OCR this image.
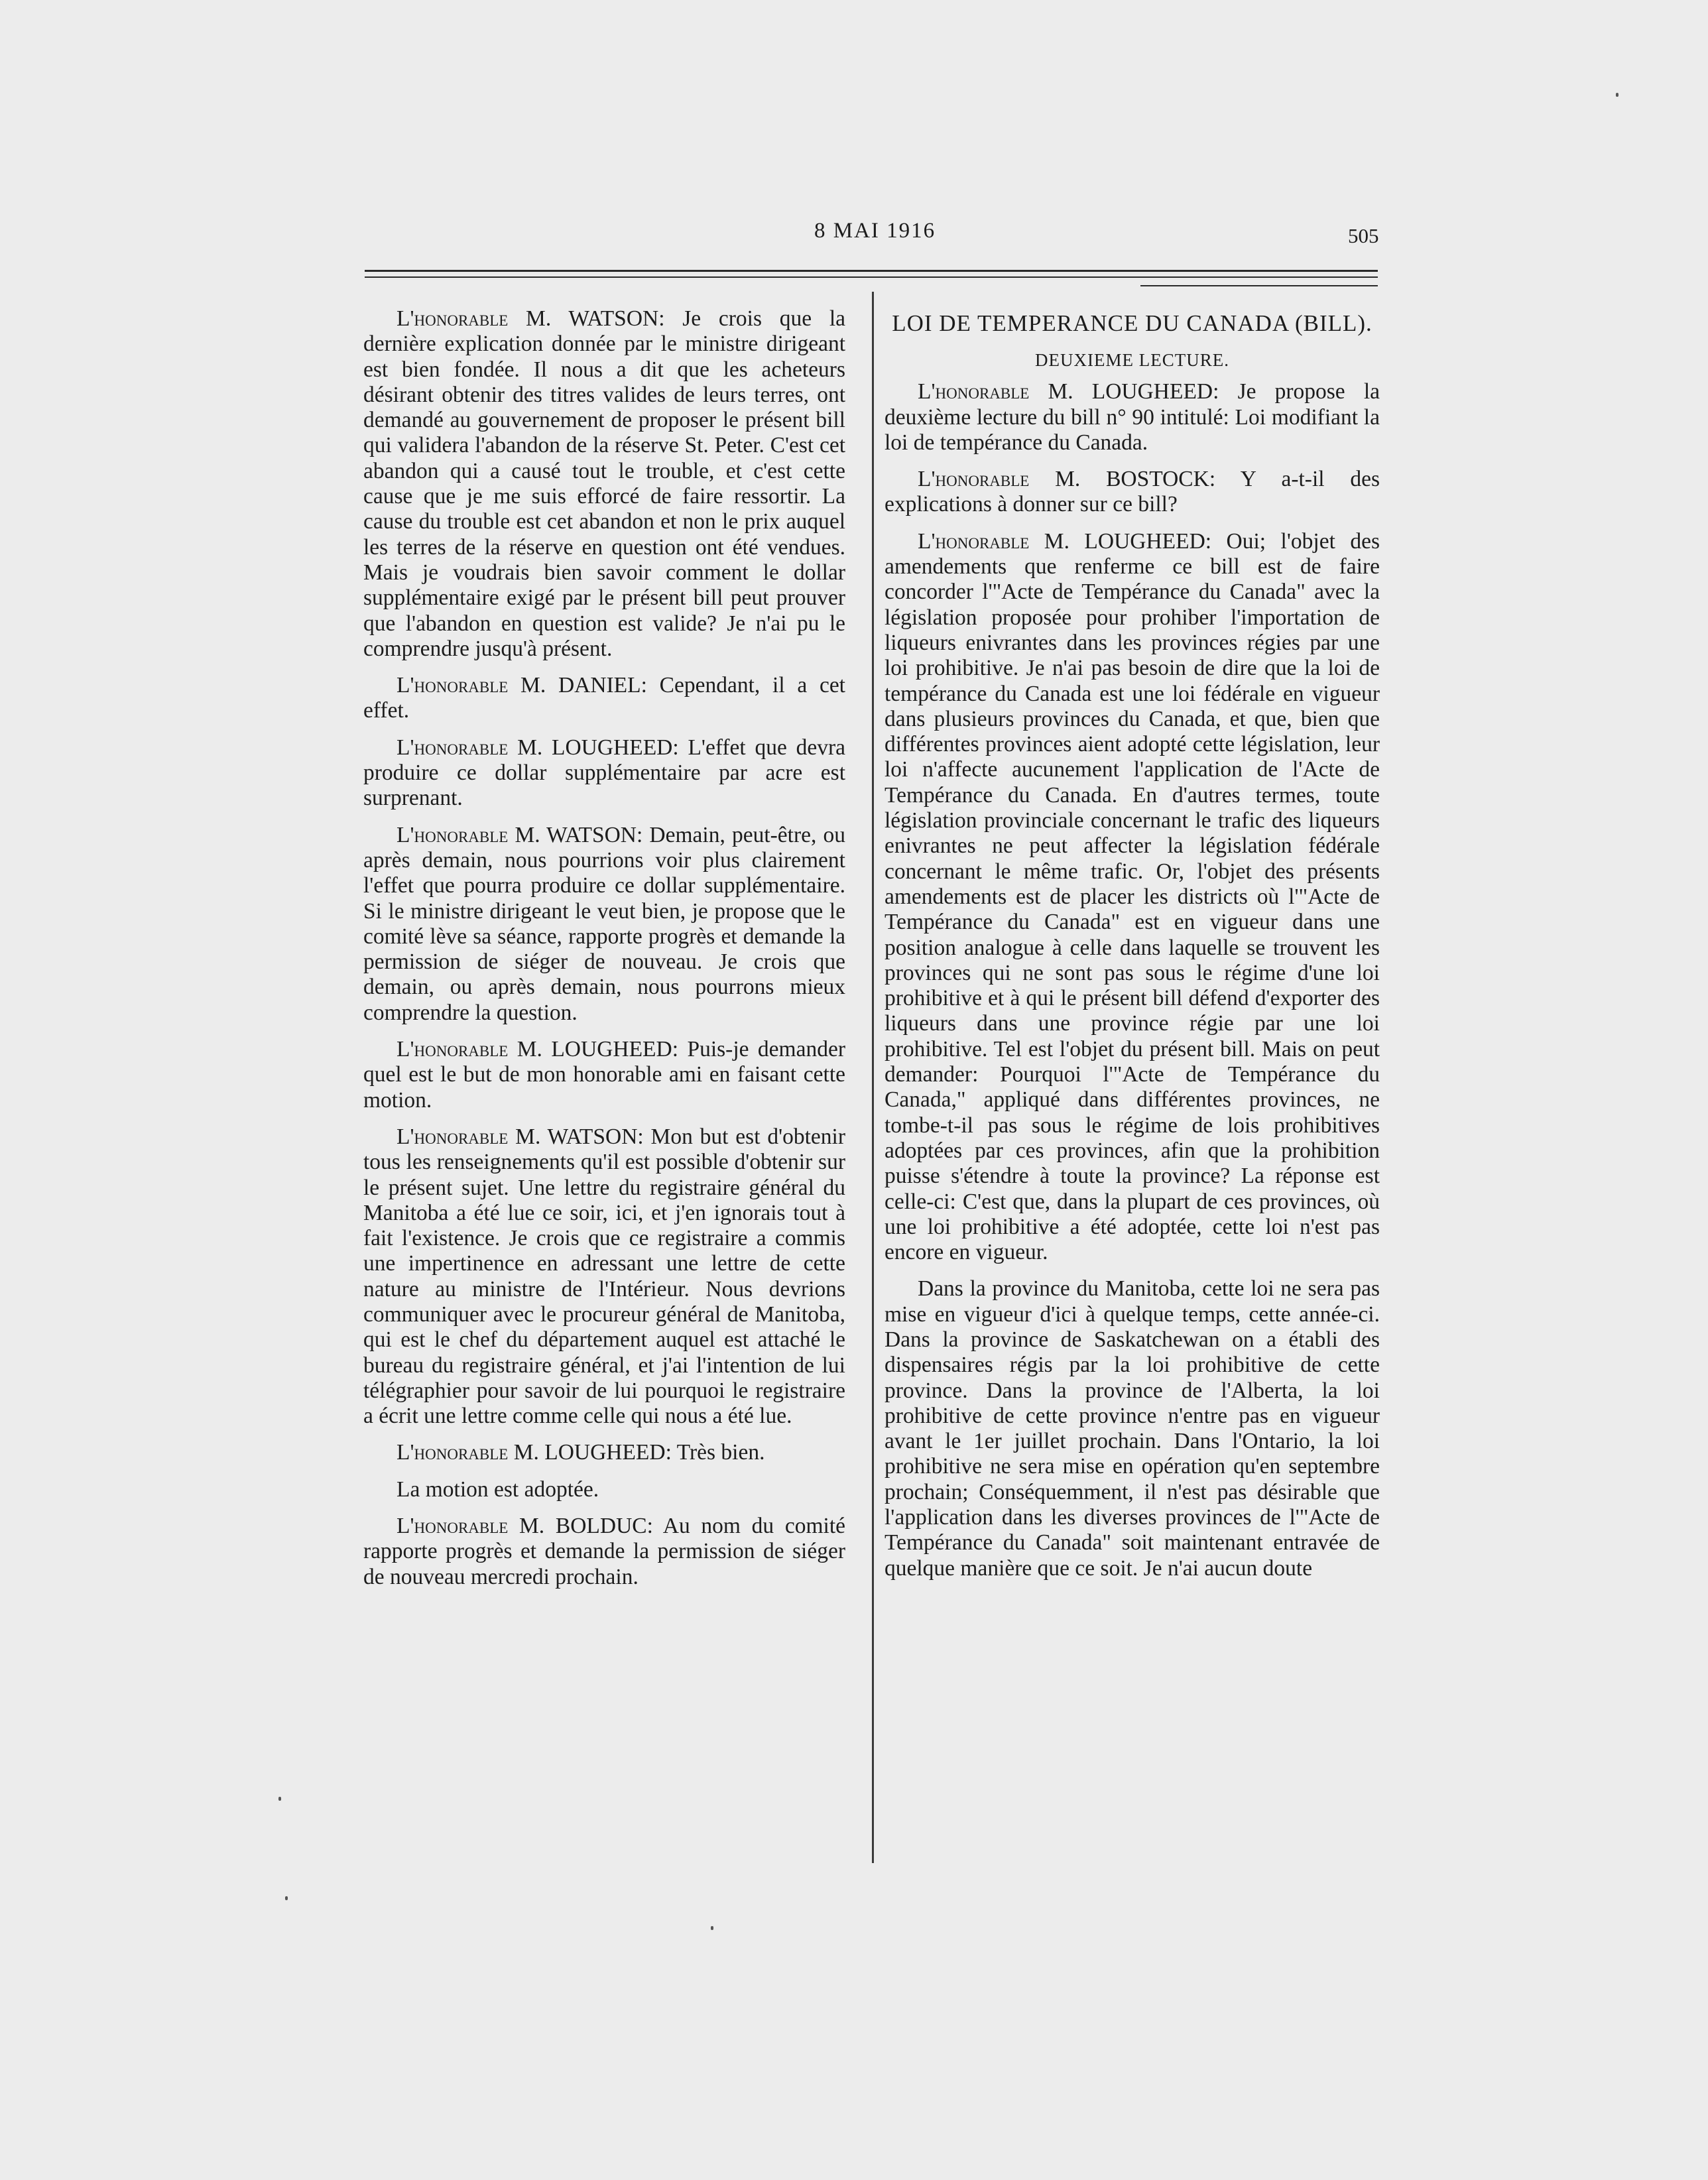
8 MAI 1916	505

L'honorable M. WATSON: Je crois que la dernière explication donnée par le ministre dirigeant est bien fondée. Il nous a dit que les acheteurs désirant obtenir des titres valides de leurs terres, ont demandé au gouvernement de proposer le présent bill qui validera l'abandon de la réserve St. Peter. C'est cet abandon qui a causé tout le trouble, et c'est cette cause que je me suis efforcé de faire ressortir. La cause du trouble est cet abandon et non le prix auquel les terres de la réserve en question ont été vendues. Mais je voudrais bien savoir comment le dollar supplémentaire exigé par le présent bill peut prouver que l'abandon en question est valide? Je n'ai pu le comprendre jusqu'à présent.

L'honorable M. DANIEL: Cependant, il a cet effet.

L'honorable M. LOUGHEED: L'effet que devra produire ce dollar supplémentaire par acre est surprenant.

L'honorable M. WATSON: Demain, peut-être, ou après demain, nous pourrions voir plus clairement l'effet que pourra produire ce dollar supplémentaire. Si le ministre dirigeant le veut bien, je propose que le comité lève sa séance, rapporte progrès et demande la permission de siéger de nouveau. Je crois que demain, ou après demain, nous pourrons mieux comprendre la question.

L'honorable M. LOUGHEED: Puis-je demander quel est le but de mon honorable ami en faisant cette motion.

L'honorable M. WATSON: Mon but est d'obtenir tous les renseignements qu'il est possible d'obtenir sur le présent sujet. Une lettre du registraire général du Manitoba a été lue ce soir, ici, et j'en ignorais tout à fait l'existence. Je crois que ce registraire a commis une impertinence en adressant une lettre de cette nature au ministre de l'Intérieur. Nous devrions communiquer avec le procureur général de Manitoba, qui est le chef du département auquel est attaché le bureau du registraire général, et j'ai l'intention de lui télégraphier pour savoir de lui pourquoi le registraire a écrit une lettre comme celle qui nous a été lue.

L'honorable M. LOUGHEED: Très bien.

La motion est adoptée.

L'honorable M. BOLDUC: Au nom du comité rapporte progrès et demande la permission de siéger de nouveau mercredi prochain.

LOI DE TEMPERANCE DU CANADA (BILL).
DEUXIEME LECTURE.

L'honorable M. LOUGHEED: Je propose la deuxième lecture du bill n° 90 intitulé: Loi modifiant la loi de tempérance du Canada.

L'honorable M. BOSTOCK: Y a-t-il des explications à donner sur ce bill?

L'honorable M. LOUGHEED: Oui; l'objet des amendements que renferme ce bill est de faire concorder l'"Acte de Tempérance du Canada" avec la législation proposée pour prohiber l'importation de liqueurs enivrantes dans les provinces régies par une loi prohibitive. Je n'ai pas besoin de dire que la loi de tempérance du Canada est une loi fédérale en vigueur dans plusieurs provinces du Canada, et que, bien que différentes provinces aient adopté cette législation, leur loi n'affecte aucunement l'application de l'Acte de Tempérance du Canada. En d'autres termes, toute législation provinciale concernant le trafic des liqueurs enivrantes ne peut affecter la législation fédérale concernant le même trafic. Or, l'objet des présents amendements est de placer les districts où l'"Acte de Tempérance du Canada" est en vigueur dans une position analogue à celle dans laquelle se trouvent les provinces qui ne sont pas sous le régime d'une loi prohibitive et à qui le présent bill défend d'exporter des liqueurs dans une province régie par une loi prohibitive. Tel est l'objet du présent bill. Mais on peut demander: Pourquoi l'"Acte de Tempérance du Canada," appliqué dans différentes provinces, ne tombe-t-il pas sous le régime de lois prohibitives adoptées par ces provinces, afin que la prohibition puisse s'étendre à toute la province? La réponse est celle-ci: C'est que, dans la plupart de ces provinces, où une loi prohibitive a été adoptée, cette loi n'est pas encore en vigueur.

Dans la province du Manitoba, cette loi ne sera pas mise en vigueur d'ici à quelque temps, cette année-ci. Dans la province de Saskatchewan on a établi des dispensaires régis par la loi prohibitive de cette province. Dans la province de l'Alberta, la loi prohibitive de cette province n'entre pas en vigueur avant le 1er juillet prochain. Dans l'Ontario, la loi prohibitive ne sera mise en opération qu'en septembre prochain; Conséquemment, il n'est pas désirable que l'application dans les diverses provinces de l'"Acte de Tempérance du Canada" soit maintenant entravée de quelque manière que ce soit. Je n'ai aucun doute
